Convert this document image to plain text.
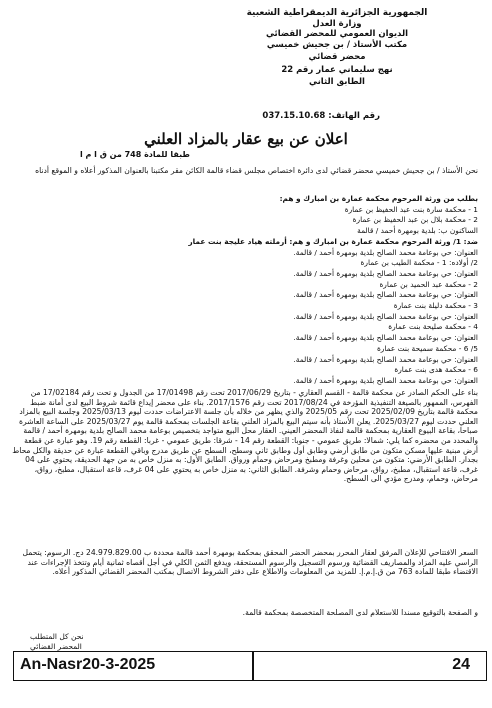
الجمهورية الجزائرية الديمقراطية الشعبية
وزارة العدل
الديوان العمومي للمحضر القضائي
مكتب الأستاذ / بن جحيش خميسي
محضر قضائي
نهج سليماني عمار رقم 22
الطابق الثاني
رقم الهاتف: 037.15.10.68
اعلان عن بيع عقار بالمزاد العلني
طبقا للمادة 748 من ق ا م ا
نحن الأستاذ / بن جحيش خميسي محضر قضائي لدى دائرة اختصاص مجلس قضاء قالمة الكائن مقر مكتبنا بالعنوان المذكور أعلاه و الموقع أدناه
بطلب من ورثة المرحوم محكمة عمارة بن امبارك و هم:
1 - محكمة سارة بنت عبد الحفيظ بن عمارة
2 - محكمة بلال بن عبد الحفيظ بن عمارة
الساكنون ب: بلدية بومهرة أحمد / قالمة
ضد: 1/ ورثة المرحوم محكمة عمارة بن امبارك و هم: أرملته هياد عليجة بنت عمار
العنوان: حي بوعامة محمد الصالح بلدية بومهرة أحمد / قالمة.
2/ أولاده: 1 - محكمة الطيب بن عمارة
العنوان: حي بوعامة محمد الصالح بلدية بومهرة أحمد / قالمة.
2 - محكمة عبد الحميد بن عمارة
العنوان: حي بوعامة محمد الصالح بلدية بومهرة أحمد / قالمة.
3 - محكمة دليلة بنت عمارة
العنوان: حي بوعامة محمد الصالح بلدية بومهرة أحمد / قالمة.
4 - محكمة صليحة بنت عمارة
العنوان: حي بوعامة محمد الصالح بلدية بومهرة أحمد / قالمة.
5/ 6 - محكمة سميحة بنت عمارة
العنوان: حي بوعامة محمد الصالح بلدية بومهرة أحمد / قالمة.
6 - محكمة هدى بنت عمارة
العنوان: حي بوعامة محمد الصالح بلدية بومهرة أحمد / قالمة.
بناء على الحكم الصادر عن محكمة قالمة - القسم العقاري - بتاريخ 2017/06/29 تحت رقم 17/01498 من الجدول و تحت رقم 17/02184 من الفهرس، الممهور بالصيغة التنفيذية المؤرخة في 2017/08/24 تحت رقم 2017/1576. بناء على محضر إيداع قائمة شروط البيع لدى أمانة ضبط محكمة قالمة بتاريخ 2025/02/09 تحت رقم 2025/05 والذي يظهر من خلاله بأن جلسة الاعتراضات حددت ليوم 2025/03/13 وجلسة البيع بالمزاد العلني حددت ليوم 2025/03/27. يعلن الأستاذ بأنه سيتم البيع بالمزاد العلني بقاعة الجلسات بمحكمة قالمة يوم 2025/03/27 على الساعة العاشرة صباحا، بقاعة البيوع العقارية بمحكمة قالمة لنفاذ المحضر العيني. العقار محل البيع متواجد بتخصيص بوعامة محمد الصالح بلدية بومهرة أحمد / قالمة والمحدد من محضره كما يلي: شمالا: طريق عمومي - جنوبا: القطعة رقم 14 - شرقا: طريق عمومي - غربا: القطعة رقم 19. وهو عبارة عن قطعة أرض مبنية عليها مسكن متكون من طابق أرضي وطابق أول وطابق ثاني وسطح، السطح عن طريق مدرج وباقي القطعة عبارة عن حديقة والكل محاط بجدار. الطابق الأرضي: متكون من محلين وغرفة ومطبخ ومرحاض وحمام ورواق. الطابق الأول: به منزل خاص به من جهة الحديقة، يحتوي على 04 غرف، قاعة استقبال، مطبخ، رواق، مرحاض وحمام وشرفة. الطابق الثاني: به منزل خاص به يحتوي على 04 غرف، قاعة استقبال، مطبخ، رواق، مرحاض، وحمام، ومدرج مؤدي الى السطح.
السعر الافتتاحي للإعلان المرفق لعقار المحرر بمحضر الحضر المحقق بمحكمة بومهرة أحمد قالمة محددة ب 24.979.829.00 دج. الرسوم: يتحمل الراسي عليه المزاد والمصاريف القضائية ورسوم التسجيل والرسوم المستحقة، ويدفع الثمن الكلي في أجل أقصاه ثمانية أيام وتتخذ الإجراءات عند الاقتضاء طبقا للمادة 763 من ق.إ.م.إ. للمزيد من المعلومات والاطلاع على دفتر الشروط الاتصال بمكتب المحضر القضائي المذكور أعلاه.
و الصفحة بالتوقيع مسندا للاستعلام لدى المصلحة المتخصصة بمحكمة قالمة.
نحن كل المتطلب
المحضر القضائي
An-Nasr20-3-2025	24
